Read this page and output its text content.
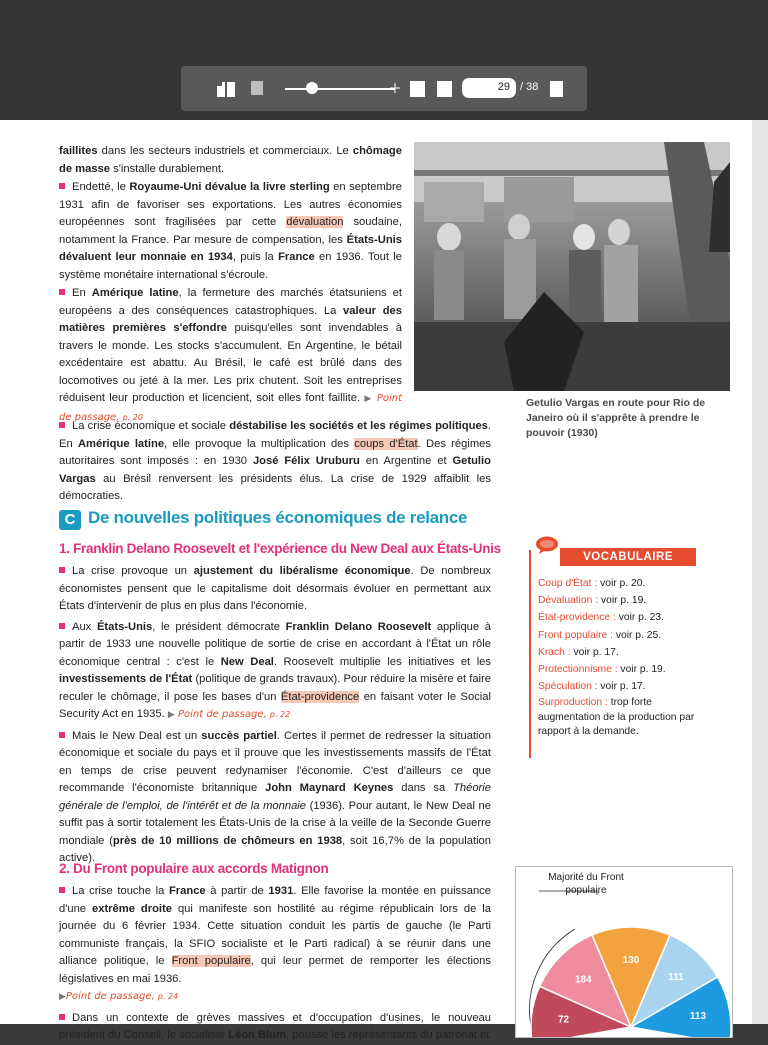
29 / 38

faillites dans les secteurs industriels et commerciaux. Le chômage de masse s'installe durablement.

Endetté, le Royaume-Uni dévalue la livre sterling en septembre 1931 afin de favoriser ses exportations. Les autres économies européennes sont fragilisées par cette dévaluation soudaine, notamment la France. Par mesure de compensation, les États-Unis dévaluent leur monnaie en 1934, puis la France en 1936. Tout le système monétaire international s'écroule.

En Amérique latine, la fermeture des marchés étatsuniens et européens a des conséquences catastrophiques. La valeur des matières premières s'effondre puisqu'elles sont invendables à travers le monde. Les stocks s'accumulent. En Argentine, le bétail excédentaire est abattu. Au Brésil, le café est brûlé dans des locomotives ou jeté à la mer. Les prix chutent. Soit les entreprises réduisent leur production et licencient, soit elles font faillite. ▶ Point de passage, p. 20

Getulio Vargas en route pour Rio de Janeiro où il s'apprête à prendre le pouvoir (1930)

La crise économique et sociale déstabilise les sociétés et les régimes politiques. En Amérique latine, elle provoque la multiplication des coups d'État. Des régimes autoritaires sont imposés : en 1930 José Félix Uruburu en Argentine et Getulio Vargas au Brésil renversent les présidents élus. La crise de 1929 affaiblit les démocraties.

C De nouvelles politiques économiques de relance
1. Franklin Delano Roosevelt et l'expérience du New Deal aux États-Unis

La crise provoque un ajustement du libéralisme économique. De nombreux économistes pensent que le capitalisme doit désormais évoluer en permettant aux États d'intervenir de plus en plus dans l'économie.

Aux États-Unis, le président démocrate Franklin Delano Roosevelt applique à partir de 1933 une nouvelle politique de sortie de crise en accordant à l'État un rôle économique central : c'est le New Deal. Roosevelt multiplie les initiatives et les investissements de l'État (politique de grands travaux). Pour réduire la misère et faire reculer le chômage, il pose les bases d'un État-providence en faisant voter le Social Security Act en 1935. ▶ Point de passage, p. 22

Mais le New Deal est un succès partiel. Certes il permet de redresser la situation économique et sociale du pays et il prouve que les investissements massifs de l'État en temps de crise peuvent redynamiser l'économie. C'est d'ailleurs ce que recommande l'économiste britannique John Maynard Keynes dans sa Théorie générale de l'emploi, de l'intérêt et de la monnaie (1936). Pour autant, le New Deal ne suffit pas à sortir totalement les États-Unis de la crise à la veille de la Seconde Guerre mondiale (près de 10 millions de chômeurs en 1938, soit 16,7% de la population active).

VOCABULAIRE
Coup d'État : voir p. 20.
Dévaluation : voir p. 19.
État-providence : voir p. 23.
Front populaire : voir p. 25.
Krach : voir p. 17.
Protectionnisme : voir p. 19.
Spéculation : voir p. 17.
Surproduction : trop forte augmentation de la production par rapport à la demande.
2. Du Front populaire aux accords Matignon

La crise touche la France à partir de 1931. Elle favorise la montée en puissance d'une extrême droite qui manifeste son hostilité au régime républicain lors de la journée du 6 février 1934. Cette situation conduit les partis de gauche (le Parti communiste français, la SFIO socialiste et le Parti radical) à se réunir dans une alliance politique, le Front populaire, qui leur permet de remporter les élections législatives en mai 1936.

▶Point de passage, p. 24

Dans un contexte de grèves massives et d'occupation d'usines, le nouveau président du Conseil, le socialiste Léon Blum, pousse les représentants du patronat et

130
111
113
72
184
Majorité du Front populaire
